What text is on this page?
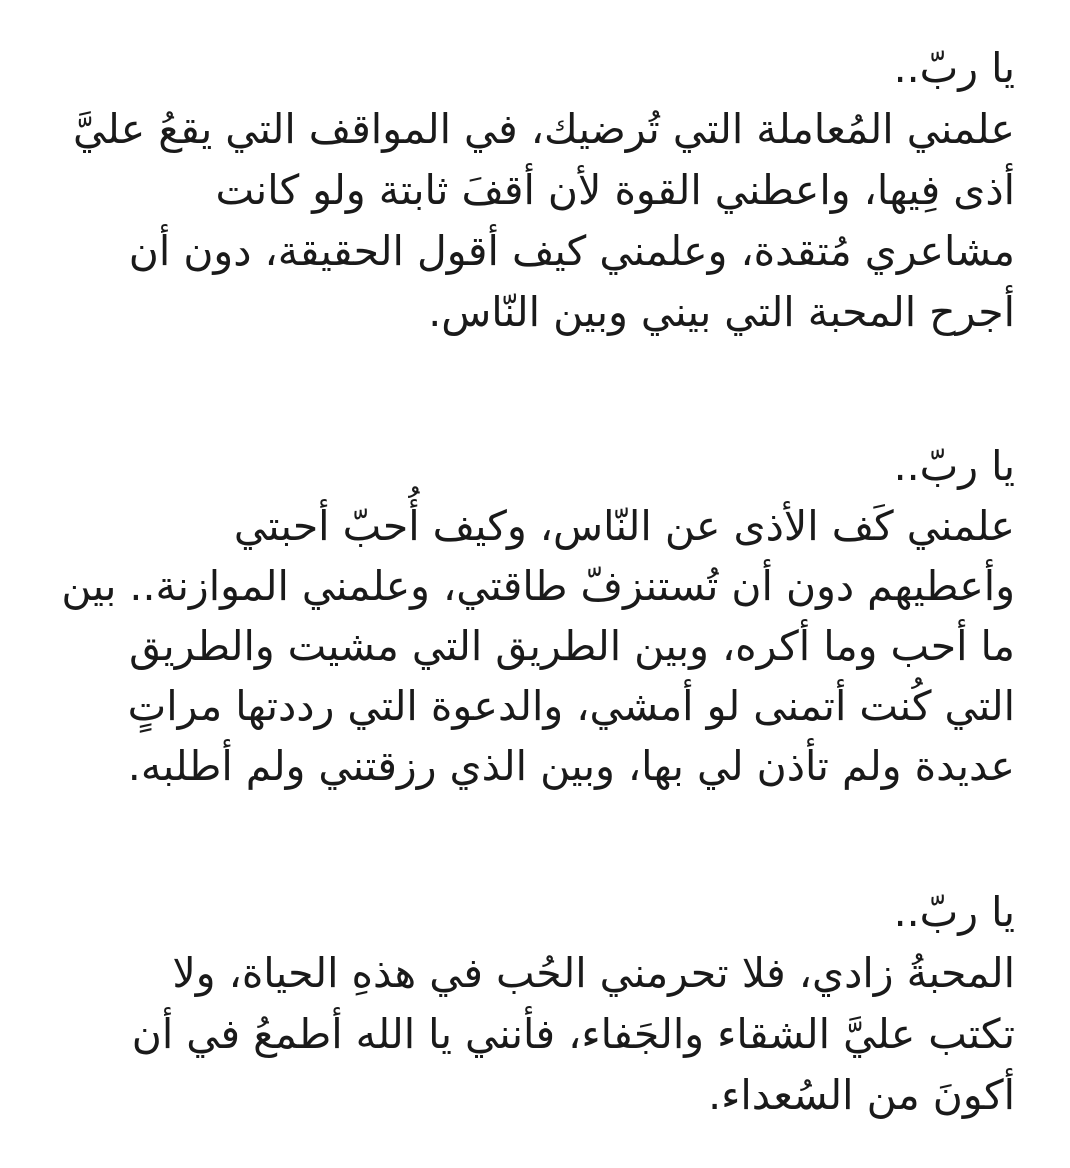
يا ربّ..
علمني المُعاملة التي تُرضيك، في المواقف التي يقعُ عليَّ
أذى فِيها، واعطني القوة لأن أقفَ ثابتة ولو كانت
مشاعري مُتقدة، وعلمني كيف أقول الحقيقة، دون أن
أجرح المحبة التي بيني وبين النّاس.
يا ربّ..
علمني كَف الأذى عن النّاس، وكيف أُحبّ أحبتي
وأعطيهم دون أن تُستنزفّ طاقتي، وعلمني الموازنة.. بين
ما أحب وما أكره، وبين الطريق التي مشيت والطريق
التي كُنت أتمنى لو أمشي، والدعوة التي رددتها مراتٍ
عديدة ولم تأذن لي بها، وبين الذي رزقتني ولم أطلبه.
يا ربّ..
المحبةُ زادي، فلا تحرمني الحُب في هذهِ الحياة، ولا
تكتب عليَّ الشقاء والجَفاء، فأنني يا الله أطمعُ في أن
أكونَ من السُعداء.
